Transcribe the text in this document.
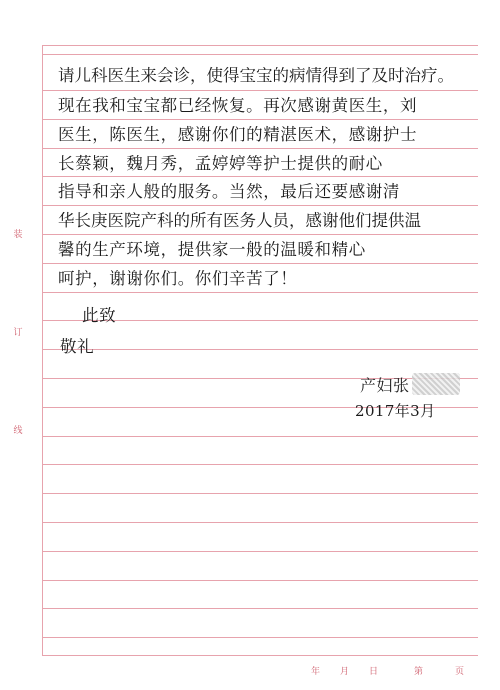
装
订
线
请儿科医生来会诊，使得宝宝的病情得到了及时治疗。
现在我和宝宝都已经恢复。再次感谢黄医生，刘
医生，陈医生，感谢你们的精湛医术，感谢护士
长蔡颖，魏月秀，孟婷婷等护士提供的耐心
指导和亲人般的服务。当然，最后还要感谢清
华长庚医院产科的所有医务人员，感谢他们提供温
馨的生产环境，提供家一般的温暖和精心
呵护，谢谢你们。你们辛苦了！
此致
敬礼
产妇张
2017年3月
年 月 日	第	页
